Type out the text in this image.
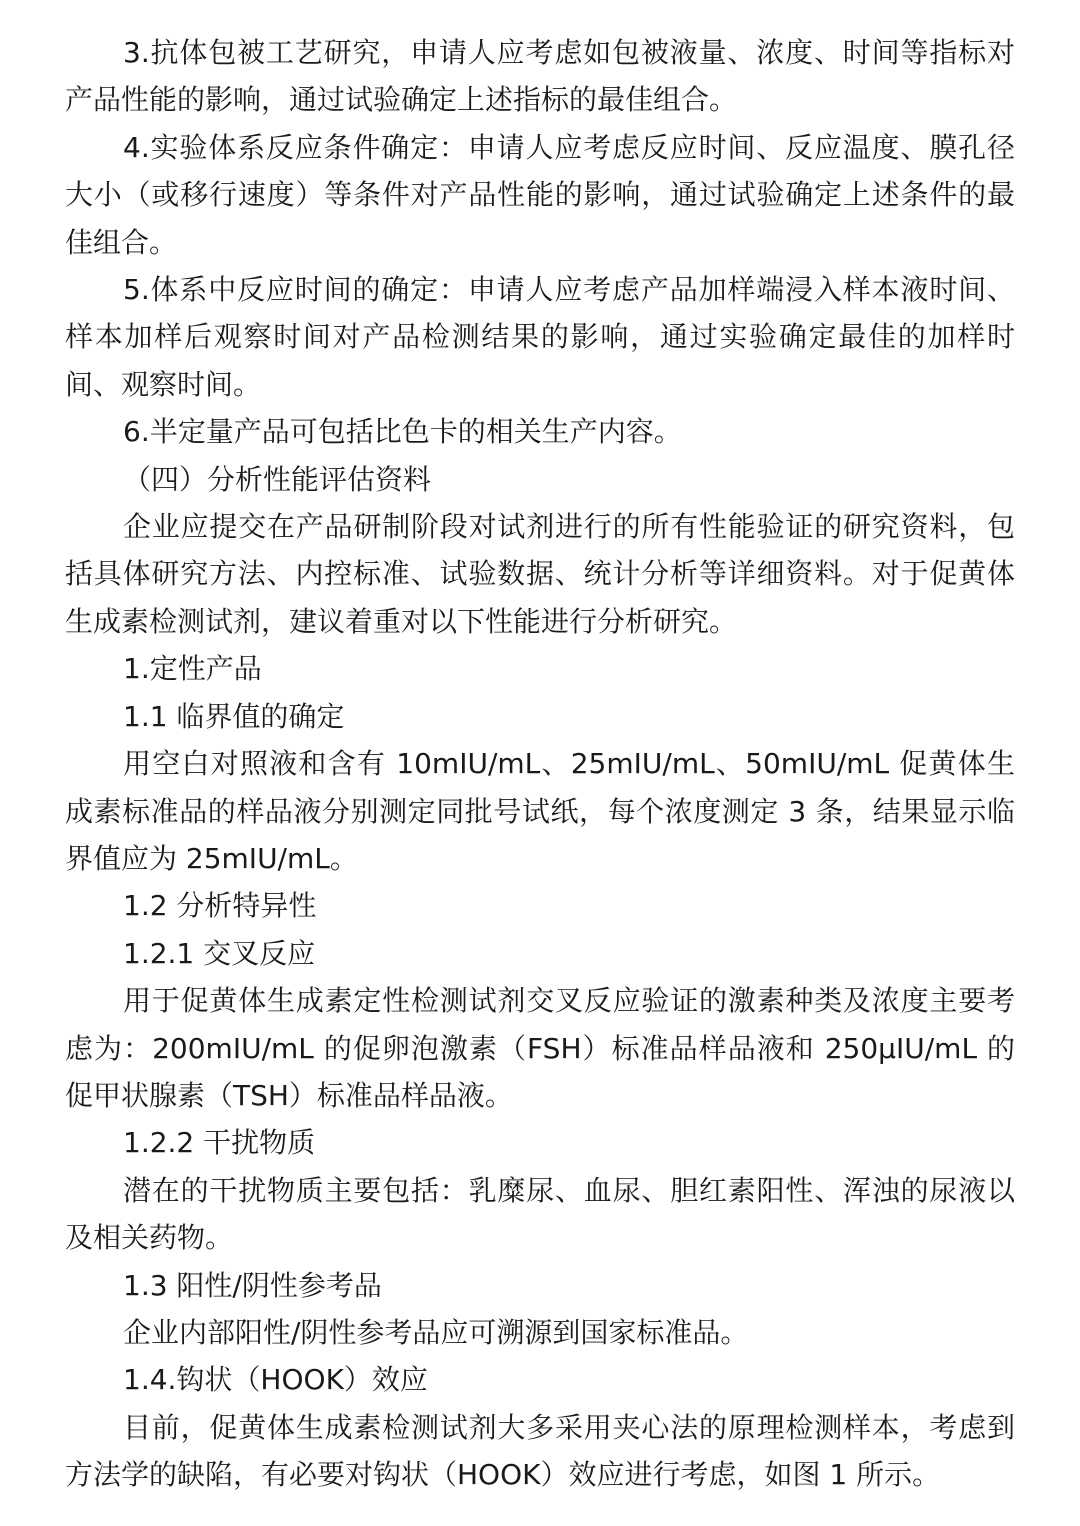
3.抗体包被工艺研究，申请人应考虑如包被液量、浓度、时间等指标对产品性能的影响，通过试验确定上述指标的最佳组合。

4.实验体系反应条件确定：申请人应考虑反应时间、反应温度、膜孔径大小（或移行速度）等条件对产品性能的影响，通过试验确定上述条件的最佳组合。

5.体系中反应时间的确定：申请人应考虑产品加样端浸入样本液时间、样本加样后观察时间对产品检测结果的影响，通过实验确定最佳的加样时间、观察时间。

6.半定量产品可包括比色卡的相关生产内容。

（四）分析性能评估资料

企业应提交在产品研制阶段对试剂进行的所有性能验证的研究资料，包括具体研究方法、内控标准、试验数据、统计分析等详细资料。对于促黄体生成素检测试剂，建议着重对以下性能进行分析研究。

1.定性产品

1.1 临界值的确定

用空白对照液和含有 10mIU/mL、25mIU/mL、50mIU/mL 促黄体生成素标准品的样品液分别测定同批号试纸，每个浓度测定 3 条，结果显示临界值应为 25mIU/mL。

1.2 分析特异性

1.2.1 交叉反应

用于促黄体生成素定性检测试剂交叉反应验证的激素种类及浓度主要考虑为：200mIU/mL 的促卵泡激素（FSH）标准品样品液和 250μIU/mL 的促甲状腺素（TSH）标准品样品液。

1.2.2 干扰物质

潜在的干扰物质主要包括：乳糜尿、血尿、胆红素阳性、浑浊的尿液以及相关药物。

1.3 阳性/阴性参考品

企业内部阳性/阴性参考品应可溯源到国家标准品。

1.4.钩状（HOOK）效应

目前，促黄体生成素检测试剂大多采用夹心法的原理检测样本，考虑到方法学的缺陷，有必要对钩状（HOOK）效应进行考虑，如图 1 所示。
